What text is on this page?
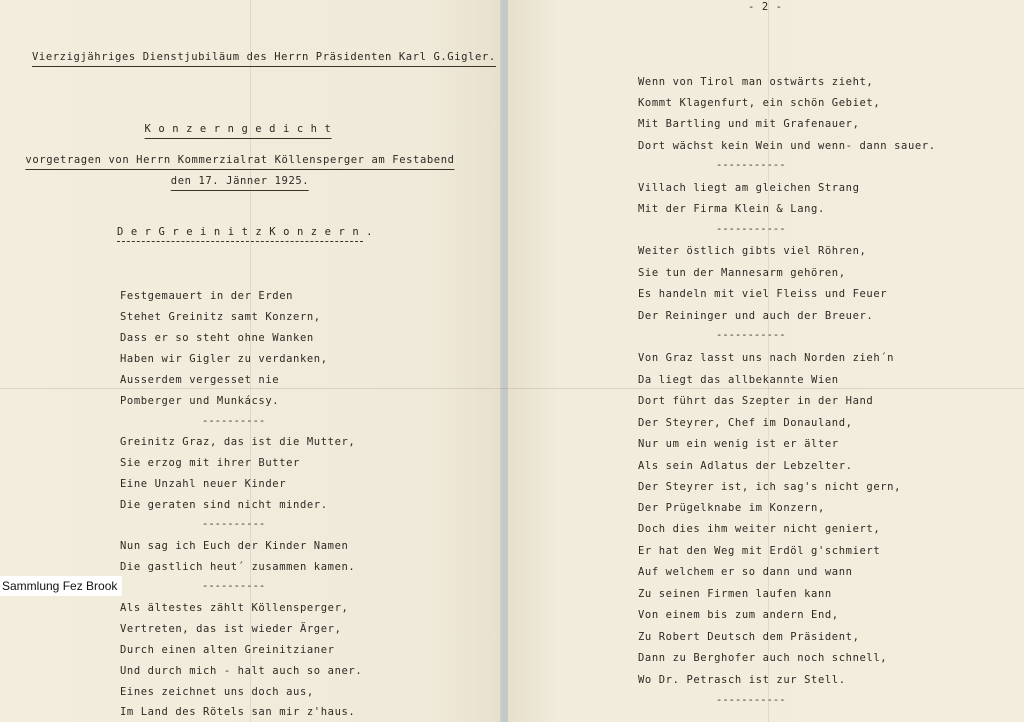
Vierzigjähriges Dienstjubiläum des Herrn Präsidenten Karl G.Gigler.
K o n z e r n g e d i c h t
vorgetragen von Herrn Kommerzialrat Köllensperger am Festabend
den 17. Jänner 1925.
D e r G r e i n i t z K o n z e r n .
Festgemauert in der Erden
Stehet Greinitz samt Konzern,
Dass er so steht ohne Wanken
Haben wir Gigler zu verdanken,
Ausserdem vergesset nie
Pomberger und Munkácsy.
----------
Greinitz Graz, das ist die Mutter,
Sie erzog mit ihrer Butter
Eine Unzahl neuer Kinder
Die geraten sind nicht minder.
----------
Nun sag ich Euch der Kinder Namen
Die gastlich heut´ zusammen kamen.
----------
Als ältestes zählt Köllensperger,
Vertreten, das ist wieder Ärger,
Durch einen alten Greinitzianer
Und durch mich - halt auch so aner.
Eines zeichnet uns doch aus,
Im Land des Rötels san mir z'haus.
- 2 -
Wenn von Tirol man ostwärts zieht,
Kommt Klagenfurt, ein schön Gebiet,
Mit Bartling und mit Grafenauer,
Dort wächst kein Wein und wenn- dann sauer.
-----------
Villach liegt am gleichen Strang
Mit der Firma Klein & Lang.
-----------
Weiter östlich gibts viel Röhren,
Sie tun der Mannesarm gehören,
Es handeln mit viel Fleiss und Feuer
Der Reininger und auch der Breuer.
-----------
Von Graz lasst uns nach Norden zieh´n
Da liegt das allbekannte Wien
Dort führt das Szepter in der Hand
Der Steyrer, Chef im Donauland,
Nur um ein wenig ist er älter
Als sein Adlatus der Lebzelter.
Der Steyrer ist, ich sag's nicht gern,
Der Prügelknabe im Konzern,
Doch dies ihm weiter nicht geniert,
Er hat den Weg mit Erdöl g'schmiert
Auf welchem er so dann und wann
Zu seinen Firmen laufen kann
Von einem bis zum andern End,
Zu Robert Deutsch dem Präsident,
Dann zu Berghofer auch noch schnell,
Wo Dr. Petrasch ist zur Stell.
-----------
Sammlung Fez Brook
